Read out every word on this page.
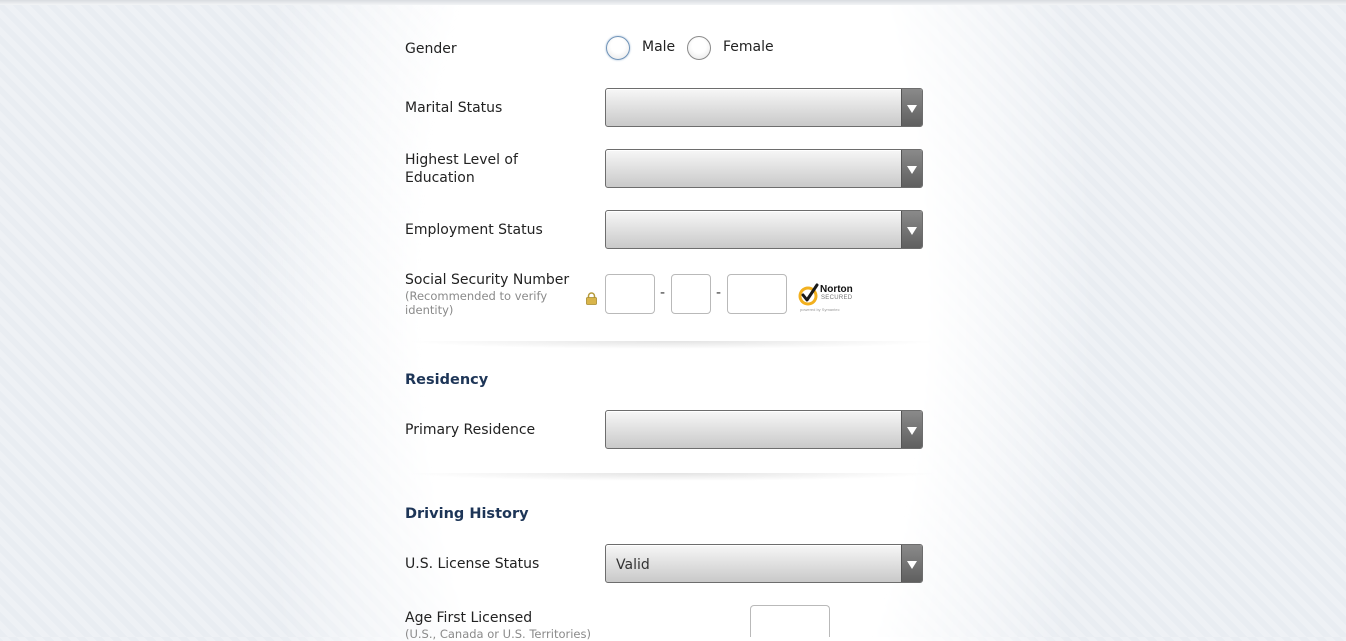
Gender	Male	Female
Marital Status
Highest Level of
Education
Employment Status
Social Security Number
(Recommended to verify
identity)
-	-	Norton
SECURED
powered by Symantec
Residency
Primary Residence
Driving History
U.S. License Status	Valid
Age First Licensed
(U.S., Canada or U.S. Territories)
